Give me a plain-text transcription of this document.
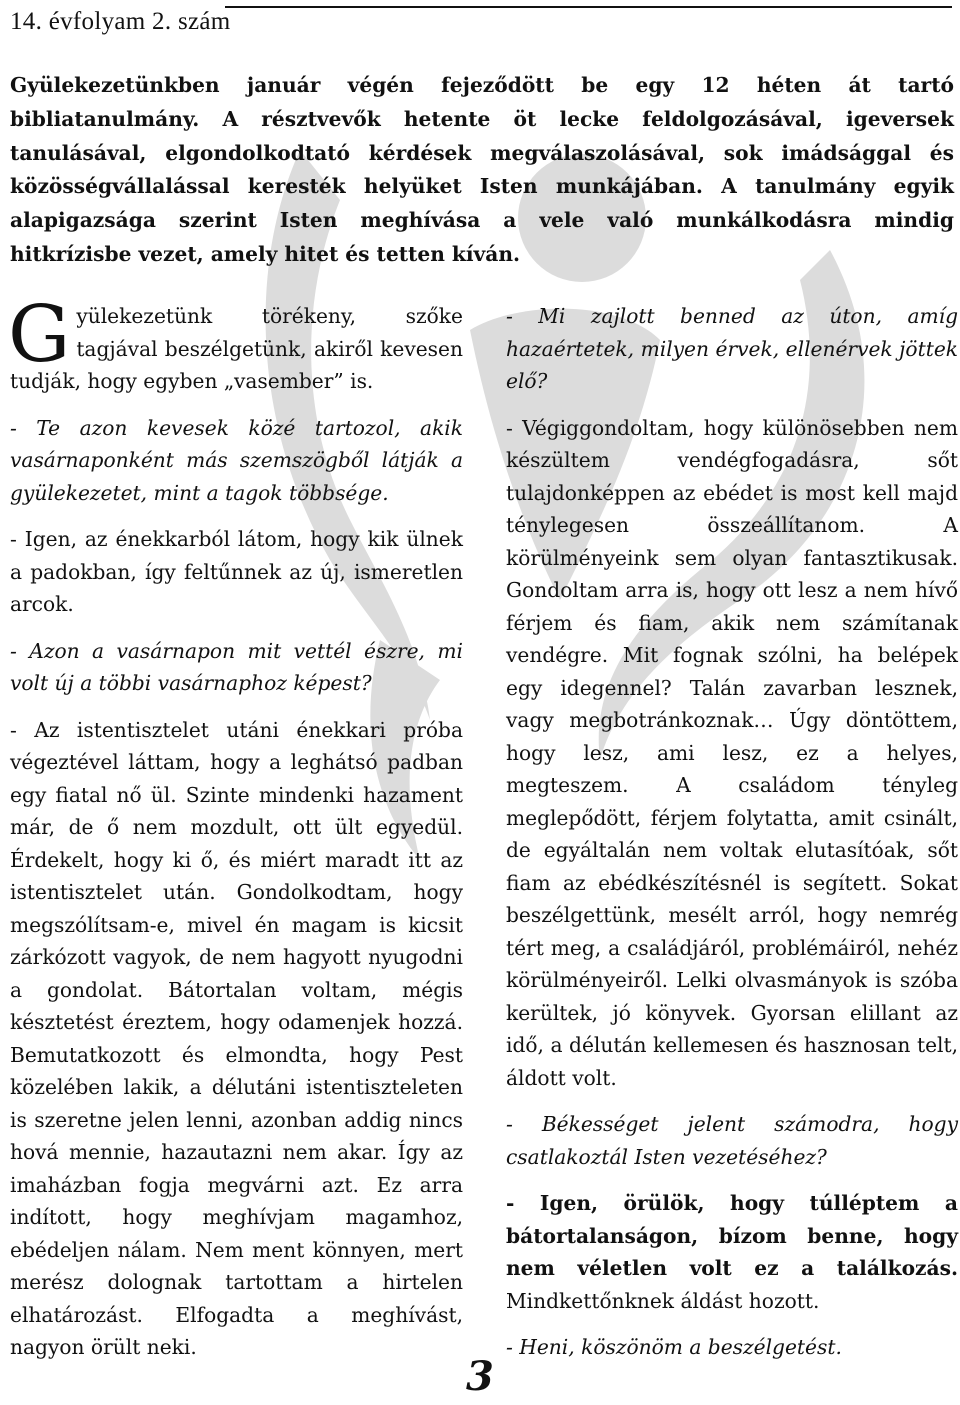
14. évfolyam 2. szám

Gyülekezetünkben január végén fejeződött be egy 12 héten át tartó bibliatanulmány. A résztvevők hetente öt lecke feldolgozásával, igeversek tanulásával, elgondolkodtató kérdések megválaszolásával, sok imádsággal és közösségvállalással keresték helyüket Isten munkájában. A tanulmány egyik alapigazsága szerint Isten meghívása a vele való munkálkodásra mindig hitkrízisbe vezet, amely hitet és tetten kíván.

Gyülekezetünk törékeny, szőke tagjával beszélgetünk, akiről kevesen tudják, hogy egyben „vasember” is.

- Te azon kevesek közé tartozol, akik vasárnaponként más szemszögből látják a gyülekezetet, mint a tagok többsége.

- Igen, az énekkarból látom, hogy kik ülnek a padokban, így feltűnnek az új, ismeretlen arcok.

- Azon a vasárnapon mit vettél észre, mi volt új a többi vasárnaphoz képest?

- Az istentisztelet utáni énekkari próba végeztével láttam, hogy a leghátsó padban egy fiatal nő ül. Szinte mindenki hazament már, de ő nem mozdult, ott ült egyedül. Érdekelt, hogy ki ő, és miért maradt itt az istentisztelet után. Gondolkodtam, hogy megszólítsam-e, mivel én magam is kicsit zárkózott vagyok, de nem hagyott nyugodni a gondolat. Bátortalan voltam, mégis késztetést éreztem, hogy odamenjek hozzá. Bemutatkozott és elmondta, hogy Pest közelében lakik, a délutáni istentiszteleten is szeretne jelen lenni, azonban addig nincs hová mennie, hazautazni nem akar. Így az imaházban fogja megvárni azt. Ez arra indított, hogy meghívjam magamhoz, ebédeljen nálam. Nem ment könnyen, mert merész dolognak tartottam a hirtelen elhatározást. Elfogadta a meghívást, nagyon örült neki.

- Mi zajlott benned az úton, amíg hazaértetek, milyen érvek, ellenérvek jöttek elő?

- Végiggondoltam, hogy különösebben nem készültem vendégfogadásra, sőt tulajdonképpen az ebédet is most kell majd ténylegesen összeállítanom. A körülményeink sem olyan fantasztikusak. Gondoltam arra is, hogy ott lesz a nem hívő férjem és fiam, akik nem számítanak vendégre. Mit fognak szólni, ha belépek egy idegennel? Talán zavarban lesznek, vagy megbotránkoznak… Úgy döntöttem, hogy lesz, ami lesz, ez a helyes, megteszem. A családom tényleg meglepődött, férjem folytatta, amit csinált, de egyáltalán nem voltak elutasítóak, sőt fiam az ebédkészítésnél is segített. Sokat beszélgettünk, mesélt arról, hogy nemrég tért meg, a családjáról, problémáiról, nehéz körülményeiről. Lelki olvasmányok is szóba kerültek, jó könyvek. Gyorsan elillant az idő, a délután kellemesen és hasznosan telt, áldott volt.

- Békességet jelent számodra, hogy csatlakoztál Isten vezetéséhez?

- Igen, örülök, hogy túlléptem a bátortalanságon, bízom benne, hogy nem véletlen volt ez a találkozás. Mindkettőnknek áldást hozott.

- Heni, köszönöm a beszélgetést.

3
